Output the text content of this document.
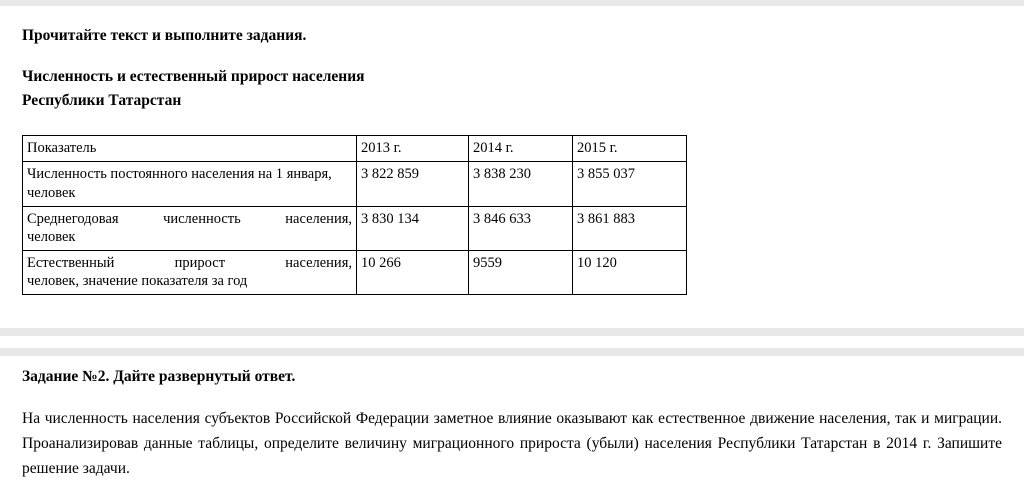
Прочитайте текст и выполните задания.

Численность и естественный прирост населения
Республики Татарстан
Показатель	2013 г.	2014 г.	2015 г.
Численность постоянного населения на 1 января, человек	3 822 859	3 838 230	3 855 037
Среднегодовая численность населения,
человек	3 830 134	3 846 633	3 861 883
Естественный прирост населения,
человек, значение показателя за год	10 266	9559	10 120

Задание №2. Дайте развернутый ответ.

На численность населения субъектов Российской Федерации заметное влияние оказывают как естественное движение населения, так и миграции. Проанализировав данные таблицы, определите величину миграционного прироста (убыли) населения Республики Татарстан в 2014 г. Запишите решение задачи.
